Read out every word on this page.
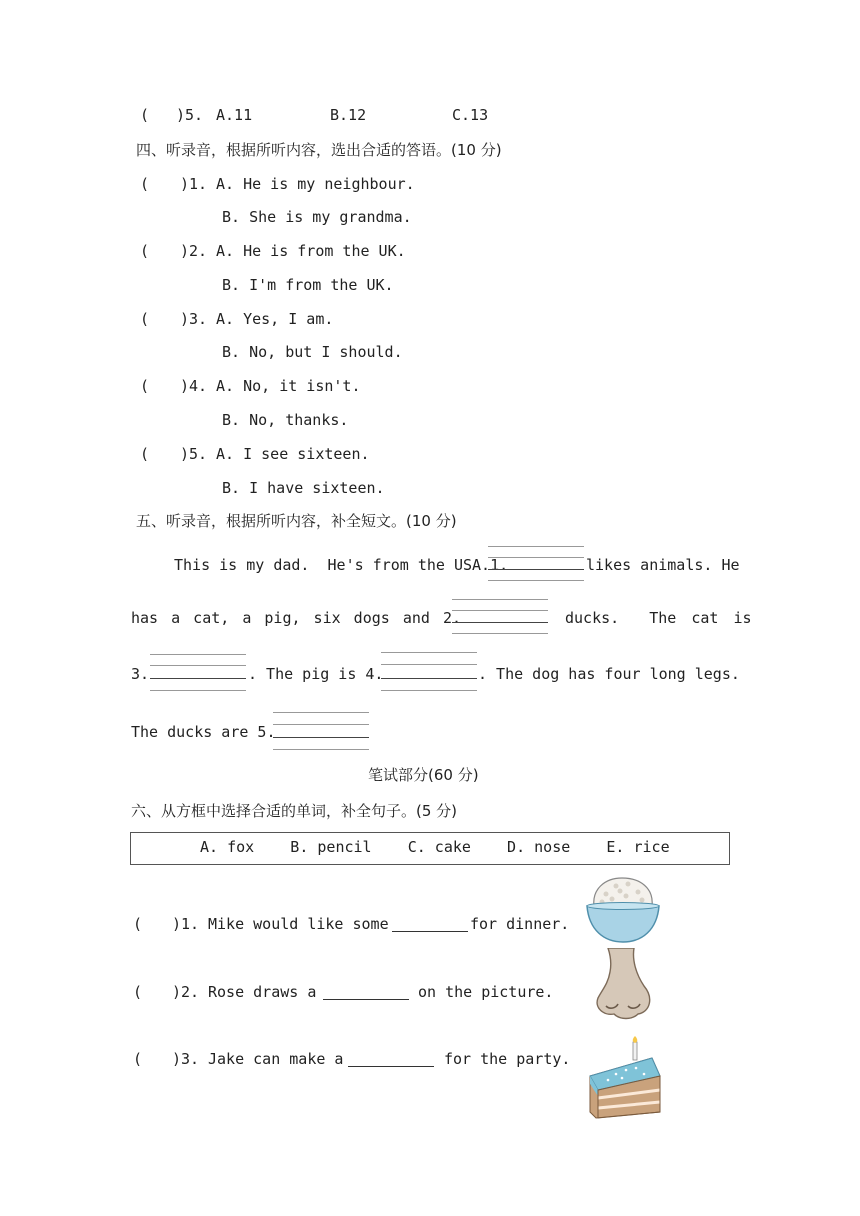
( )5. A.11	B.12	C.13
四、听录音，根据所听内容，选出合适的答语。(10 分)
( )1. A. He is my neighbour.
B. She is my grandma.
( )2. A. He is from the UK.
B. I'm from the UK.
( )3. A. Yes, I am.
B. No, but I should.
( )4. A. No, it isn't.
B. No, thanks.
( )5. A. I see sixteen.
B. I have sixteen.
五、听录音，根据所听内容，补全短文。(10 分)
This is my dad.  He's from the USA.1.	likes animals. He
has a cat, a pig, six dogs and 2.	ducks.  The cat is
3.	. The pig is 4.	. The dog has four long legs.
The ducks are 5.
笔试部分(60 分)
六、从方框中选择合适的单词，补全句子。(5 分)
A. fox    B. pencil    C. cake    D. nose    E. rice
( )1. Mike would like some	for dinner.
( )2. Rose draws a	on the picture.
( )3. Jake can make a	for the party.
